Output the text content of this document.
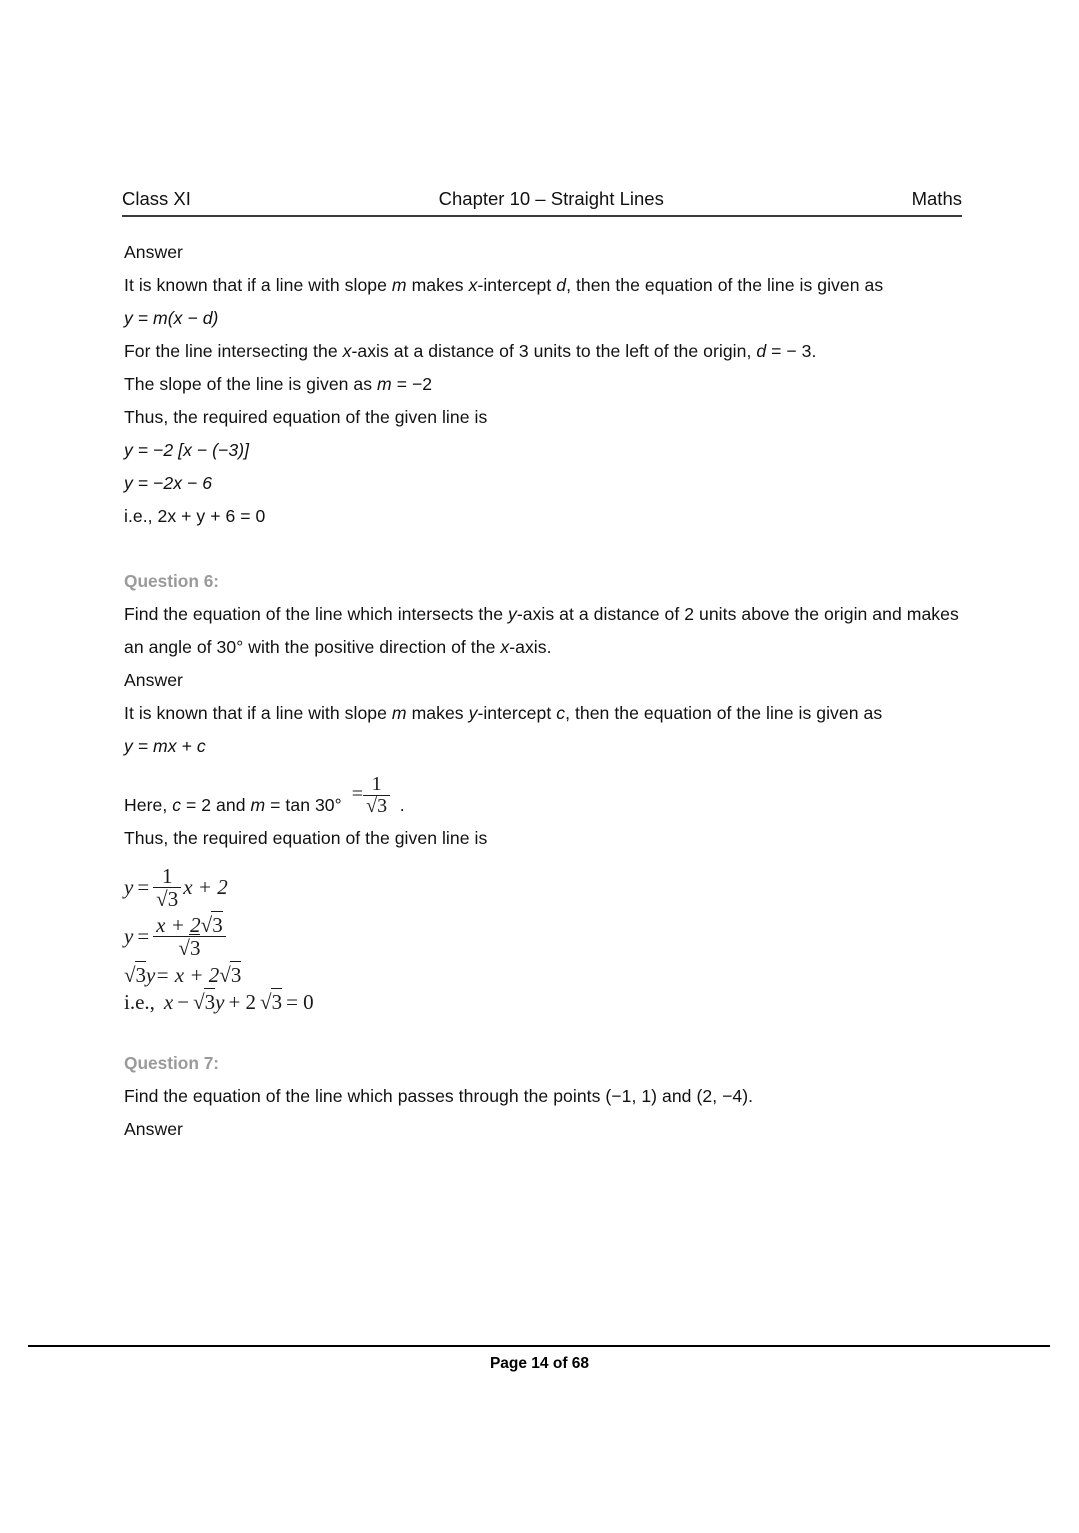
Class XI	Chapter 10 – Straight Lines	Maths
Answer
It is known that if a line with slope m makes x-intercept d, then the equation of the line is given as
y = m(x − d)
For the line intersecting the x-axis at a distance of 3 units to the left of the origin, d = − 3.
The slope of the line is given as m = −2
Thus, the required equation of the given line is
y = −2 [x − (−3)]
y = −2x − 6
i.e., 2x + y + 6 = 0
Question 6:
Find the equation of the line which intersects the y-axis at a distance of 2 units above the origin and makes an angle of 30° with the positive direction of the x-axis.
Answer
It is known that if a line with slope m makes y-intercept c, then the equation of the line is given as
y = mx + c
Here, c = 2 and $m = \tan 30^\circ = \frac{1}{√3}$ .
Thus, the required equation of the given line is
$y = \frac{1}{√3}$ x + 2
$y = \frac{x + 2√3}{√3}$
√3 y = x + 2 √3
i.e., x − √3 y + 2 √3 = 0
Question 7:
Find the equation of the line which passes through the points (−1, 1) and (2, −4).
Answer
Page 14 of 68
